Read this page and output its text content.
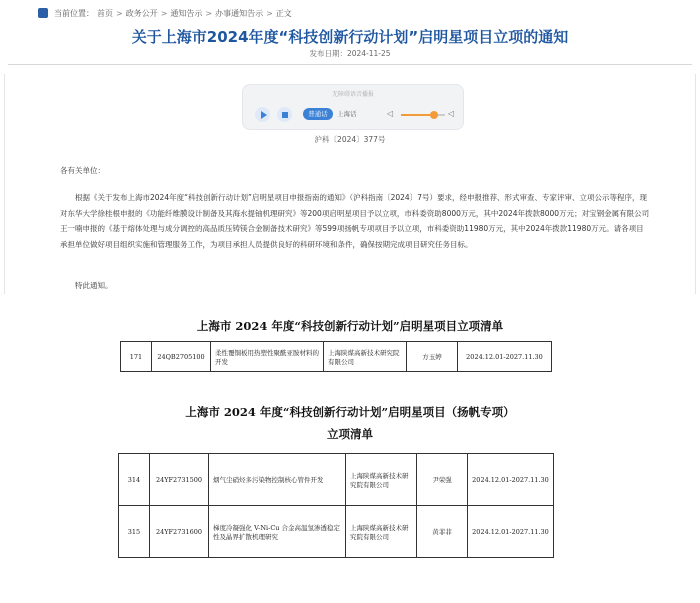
当前位置： 首页 > 政务公开 > 通知告示 > 办事通知告示 > 正文
关于上海市2024年度“科技创新行动计划”启明星项目立项的通知
发布日期：2024-11-25
无障碍语音播报
普通话	上海话	◁	◁
沪科〔2024〕377号
各有关单位：
根据《关于发布上海市2024年度“科技创新行动计划”启明星项目申报指南的通知》（沪科指南〔2024〕7号）要求，经申报推荐、形式审查、专家评审、立项公示等程序，现对东华大学徐桂根申报的《功能纤维膜设计制备及其海水提铀机理研究》等200项启明星项目予以立项，市科委资助8000万元，其中2024年拨款8000万元；对宝钢金属有限公司王一喃申报的《基于熔体处理与成分调控的高品质压铸镁合金制备技术研究》等599项扬帆专项项目予以立项，市科委资助11980万元，其中2024年拨款11980万元。请各项目承担单位做好项目组织实施和管理服务工作，为项目承担人员提供良好的科研环境和条件，确保按期完成项目研究任务目标。
特此通知。
上海市 2024 年度“科技创新行动计划”启明星项目立项清单
171	24QB2705100	柔性覆铜板用热塑性聚酰亚胺材料的开发	上海陕煤高新技术研究院有限公司	方玉婷	2024.12.01-2027.11.30
上海市 2024 年度“科技创新行动计划”启明星项目（扬帆专项）
立项清单
314	24YF2731500	烟气尘硝烃多污染物控制核心管件开发	上海陕煤高新技术研究院有限公司	尹荣强	2024.12.01-2027.11.30
315	24YF2731600	梯度冷凝强化 V-Ni-Cu 合金高温氢渗透稳定性及晶界扩散机理研究	上海陕煤高新技术研究院有限公司	黄菲菲	2024.12.01-2027.11.30
